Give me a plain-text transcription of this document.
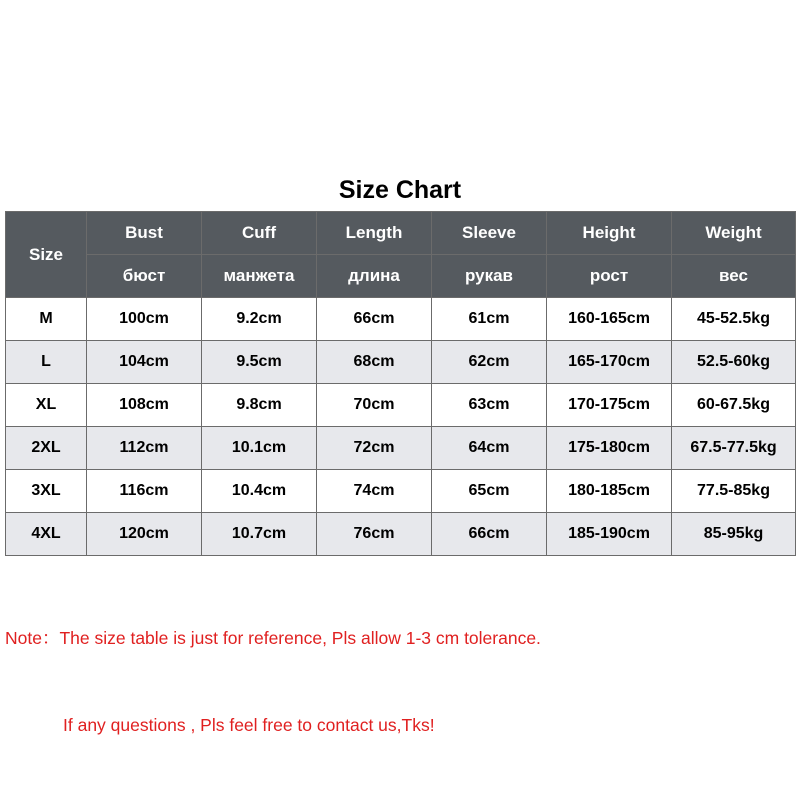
Size Chart
Size	Bust	Cuff	Length	Sleeve	Height	Weight
	бюст	манжета	длина	рукав	рост	вес
M	100cm	9.2cm	66cm	61cm	160-165cm	45-52.5kg
L	104cm	9.5cm	68cm	62cm	165-170cm	52.5-60kg
XL	108cm	9.8cm	70cm	63cm	170-175cm	60-67.5kg
2XL	112cm	10.1cm	72cm	64cm	175-180cm	67.5-77.5kg
3XL	116cm	10.4cm	74cm	65cm	180-185cm	77.5-85kg
4XL	120cm	10.7cm	76cm	66cm	185-190cm	85-95kg

Note：The size table is just for reference, Pls allow 1-3 cm tolerance.

If any questions , Pls feel free to contact us,Tks!
